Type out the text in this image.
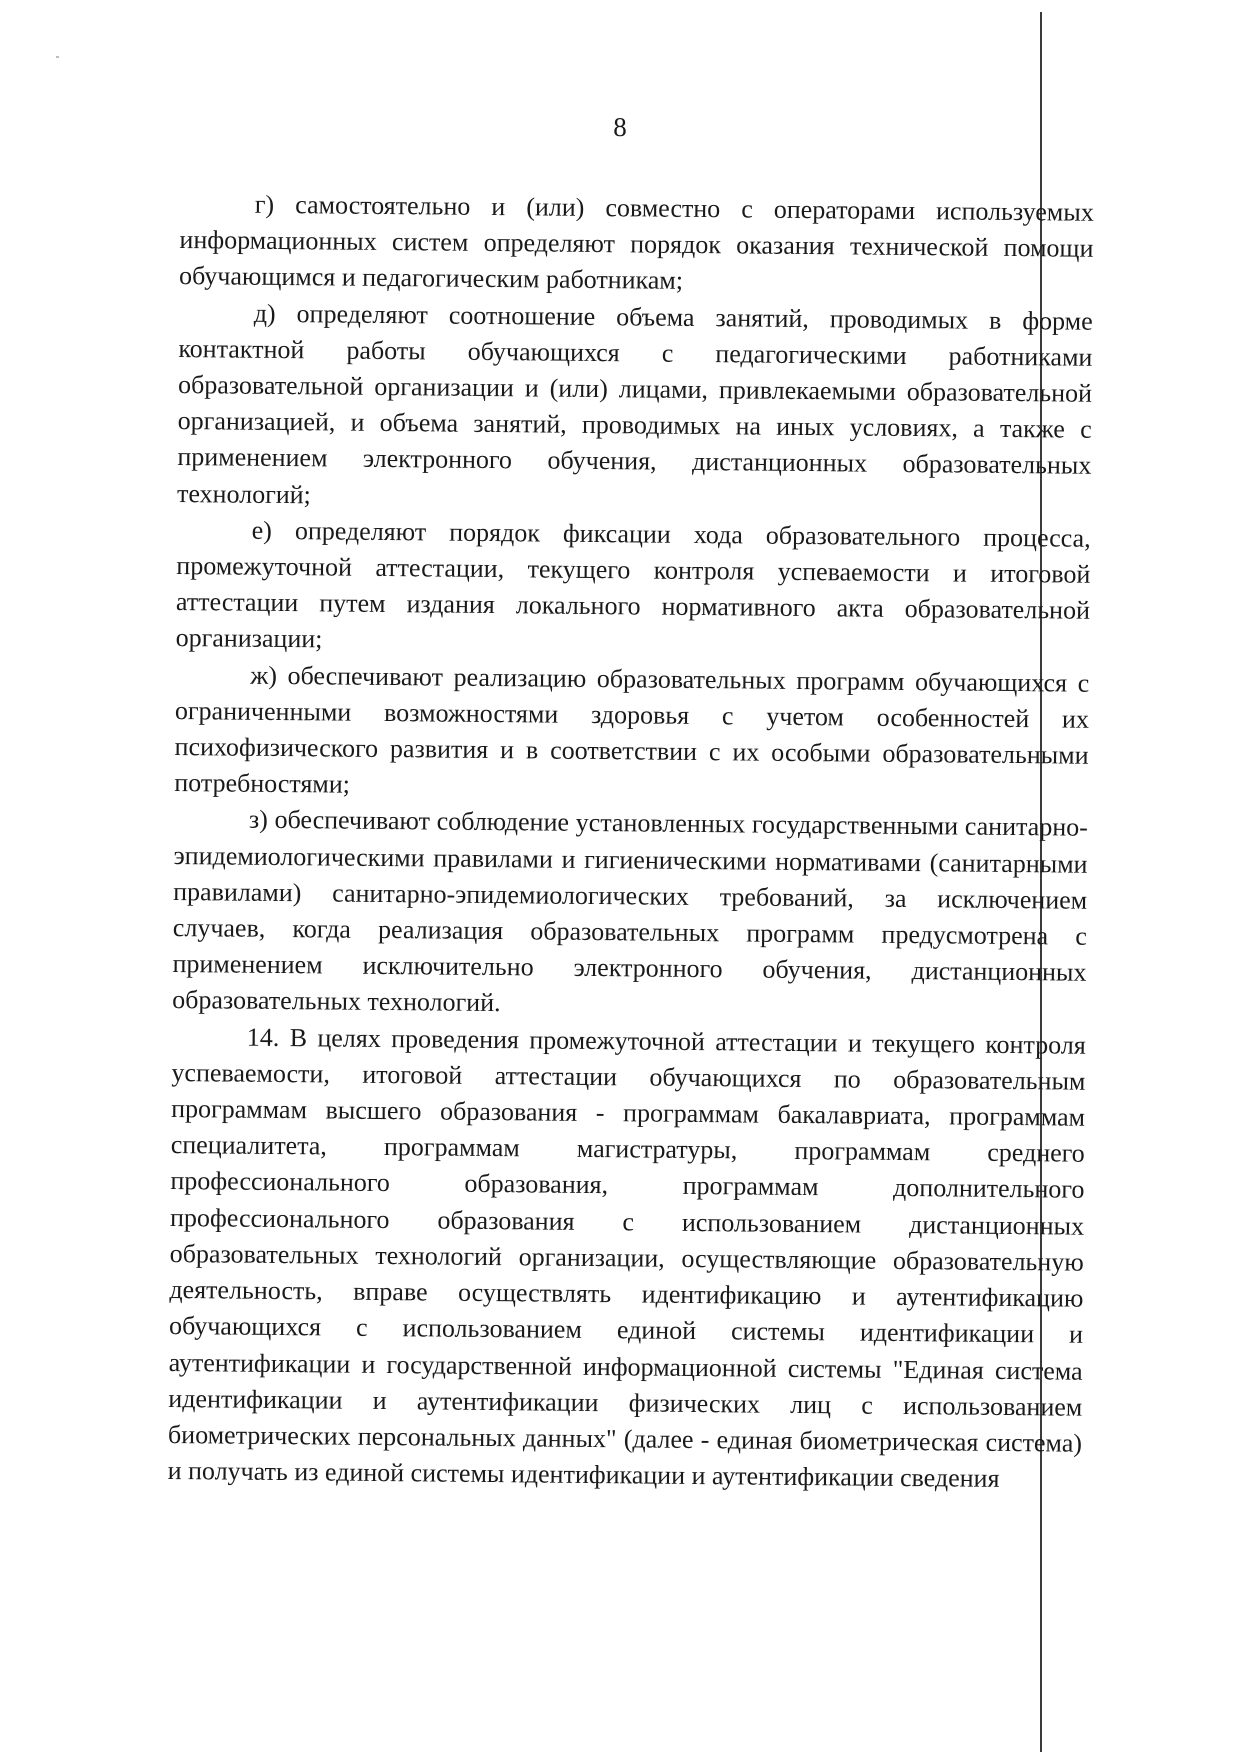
8

г) самостоятельно и (или) совместно с операторами используемых информационных систем определяют порядок оказания технической помощи обучающимся и педагогическим работникам;

д) определяют соотношение объема занятий, проводимых в форме контактной работы обучающихся с педагогическими работниками образовательной организации и (или) лицами, привлекаемыми образовательной организацией, и объема занятий, проводимых на иных условиях, а также с применением электронного обучения, дистанционных образовательных технологий;

е) определяют порядок фиксации хода образовательного процесса, промежуточной аттестации, текущего контроля успеваемости и итоговой аттестации путем издания локального нормативного акта образовательной организации;

ж) обеспечивают реализацию образовательных программ обучающихся с ограниченными возможностями здоровья с учетом особенностей их психофизического развития и в соответствии с их особыми образовательными потребностями;

з) обеспечивают соблюдение установленных государственными санитарно-эпидемиологическими правилами и гигиеническими нормативами (санитарными правилами) санитарно-эпидемиологических требований, за исключением случаев, когда реализация образовательных программ предусмотрена с применением исключительно электронного обучения, дистанционных образовательных технологий.

14. В целях проведения промежуточной аттестации и текущего контроля успеваемости, итоговой аттестации обучающихся по образовательным программам высшего образования - программам бакалавриата, программам специалитета, программам магистратуры, программам среднего профессионального образования, программам дополнительного профессионального образования с использованием дистанционных образовательных технологий организации, осуществляющие образовательную деятельность, вправе осуществлять идентификацию и аутентификацию обучающихся с использованием единой системы идентификации и аутентификации и государственной информационной системы "Единая система идентификации и аутентификации физических лиц с использованием биометрических персональных данных" (далее - единая биометрическая система) и получать из единой системы идентификации и аутентификации сведения
